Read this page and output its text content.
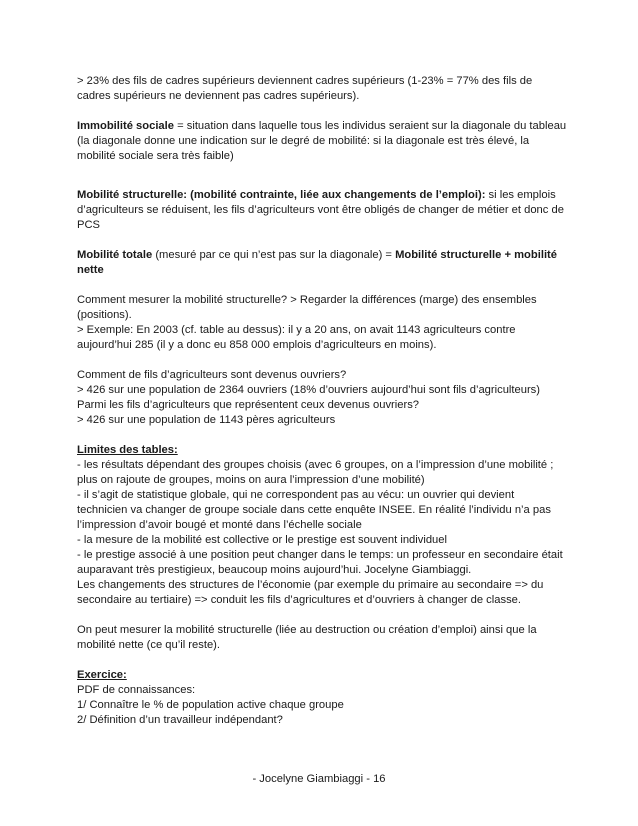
> 23% des fils de cadres supérieurs deviennent cadres supérieurs (1-23% = 77% des fils de cadres supérieurs ne deviennent pas cadres supérieurs).

Immobilité sociale = situation dans laquelle tous les individus seraient sur la diagonale du tableau (la diagonale donne une indication sur le degré de mobilité: si la diagonale est très élevé, la mobilité sociale sera très faible)

Mobilité structurelle: (mobilité contrainte, liée aux changements de l’emploi): si les emplois d’agriculteurs se réduisent, les fils d’agriculteurs vont être obligés de changer de métier et donc de PCS

Mobilité totale (mesuré par ce qui n’est pas sur la diagonale) = Mobilité structurelle + mobilité nette

Comment mesurer la mobilité structurelle? > Regarder la différences (marge) des ensembles (positions).

> Exemple: En 2003 (cf. table au dessus): il y a 20 ans, on avait 1143 agriculteurs contre aujourd’hui 285 (il y a donc eu 858 000 emplois d’agriculteurs en moins).

Comment de fils d’agriculteurs sont devenus ouvriers?

> 426 sur une population de 2364 ouvriers (18% d’ouvriers aujourd’hui sont fils d’agriculteurs)

Parmi les fils d’agriculteurs que représentent ceux devenus ouvriers?

> 426 sur une population de 1143 pères agriculteurs

Limites des tables:

- les résultats dépendant des groupes choisis (avec 6 groupes, on a l’impression d’une mobilité ; plus on rajoute de groupes, moins on aura l’impression d’une mobilité)

- il s’agit de statistique globale, qui ne correspondent pas au vécu: un ouvrier qui devient technicien va changer de groupe sociale dans cette enquête INSEE. En réalité l’individu n’a pas l’impression d’avoir bougé et monté dans l’échelle sociale

- la mesure de la mobilité est collective or le prestige est souvent individuel

- le prestige associé à une position peut changer dans le temps: un professeur en secondaire était auparavant très prestigieux, beaucoup moins aujourd’hui. Jocelyne Giambiaggi.

Les changements des structures de l’économie (par exemple du primaire au secondaire => du secondaire au tertiaire) => conduit les fils d’agricultures et d’ouvriers à changer de classe.

On peut mesurer la mobilité structurelle (liée au destruction ou création d’emploi) ainsi que la mobilité nette (ce qu’il reste).

Exercice:

PDF de connaissances:

1/ Connaître le % de population active chaque groupe

2/ Définition d’un travailleur indépendant?

- Jocelyne Giambiaggi - 16
